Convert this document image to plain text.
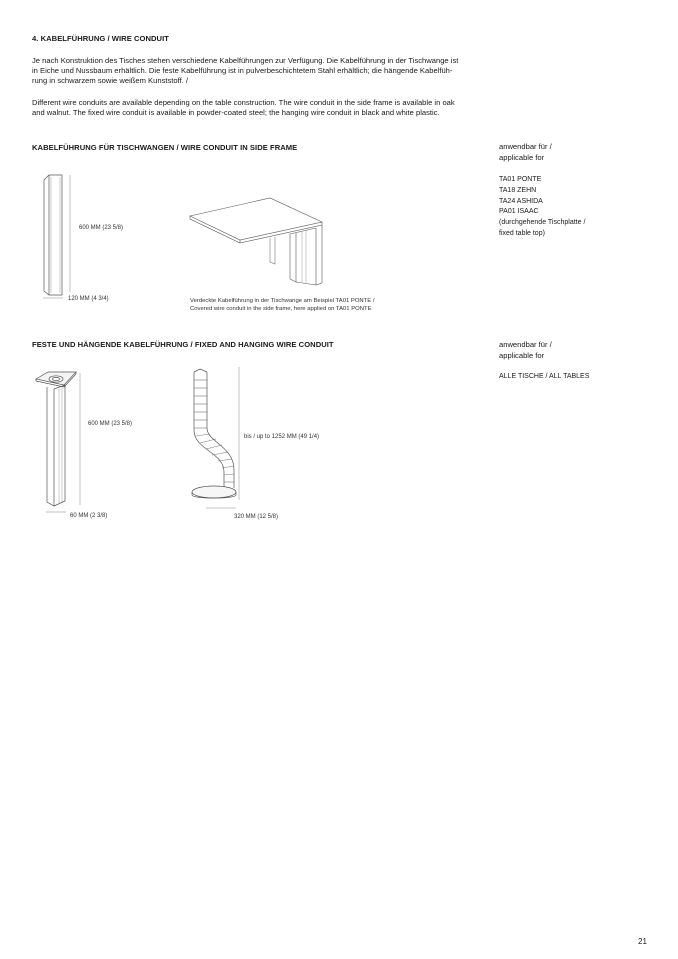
4. KABELFÜHRUNG / WIRE CONDUIT
Je nach Konstruktion des Tisches stehen verschiedene Kabelführungen zur Verfügung. Die Kabelführung in der Tischwange ist
in Eiche und Nussbaum erhältlich. Die feste Kabelführung ist in pulverbeschichtetem Stahl erhältlich; die hängende Kabelfüh-
rung in schwarzem sowie weißem Kunststoff. /
Different wire conduits are available depending on the table construction. The wire conduit in the side frame is available in oak
and walnut. The fixed wire conduit is available in powder-coated steel; the hanging wire conduit in black and white plastic.
KABELFÜHRUNG FÜR TISCHWANGEN / WIRE CONDUIT IN SIDE FRAME	anwendbar für /
applicable for
TA01 PONTE
TA18 ZEHN
TA24 ASHIDA
PA01 ISAAC
(durchgehende Tischplatte /
fixed table top)
600 MM (23 5/8)
120 MM (4 3/4)	Verdeckte Kabelführung in der Tischwange am Beispiel TA01 PONTE /
Covered wire conduit in the side frame, here applied on TA01 PONTE
FESTE UND HÄNGENDE KABELFÜHRUNG / FIXED AND HANGING WIRE CONDUIT	anwendbar für /
applicable for
ALLE TISCHE / ALL TABLES
600 MM (23 5/8)
60 MM (2 3/8)
bis / up to 1252 MM (49 1/4)
320 MM (12 5/8)
21
